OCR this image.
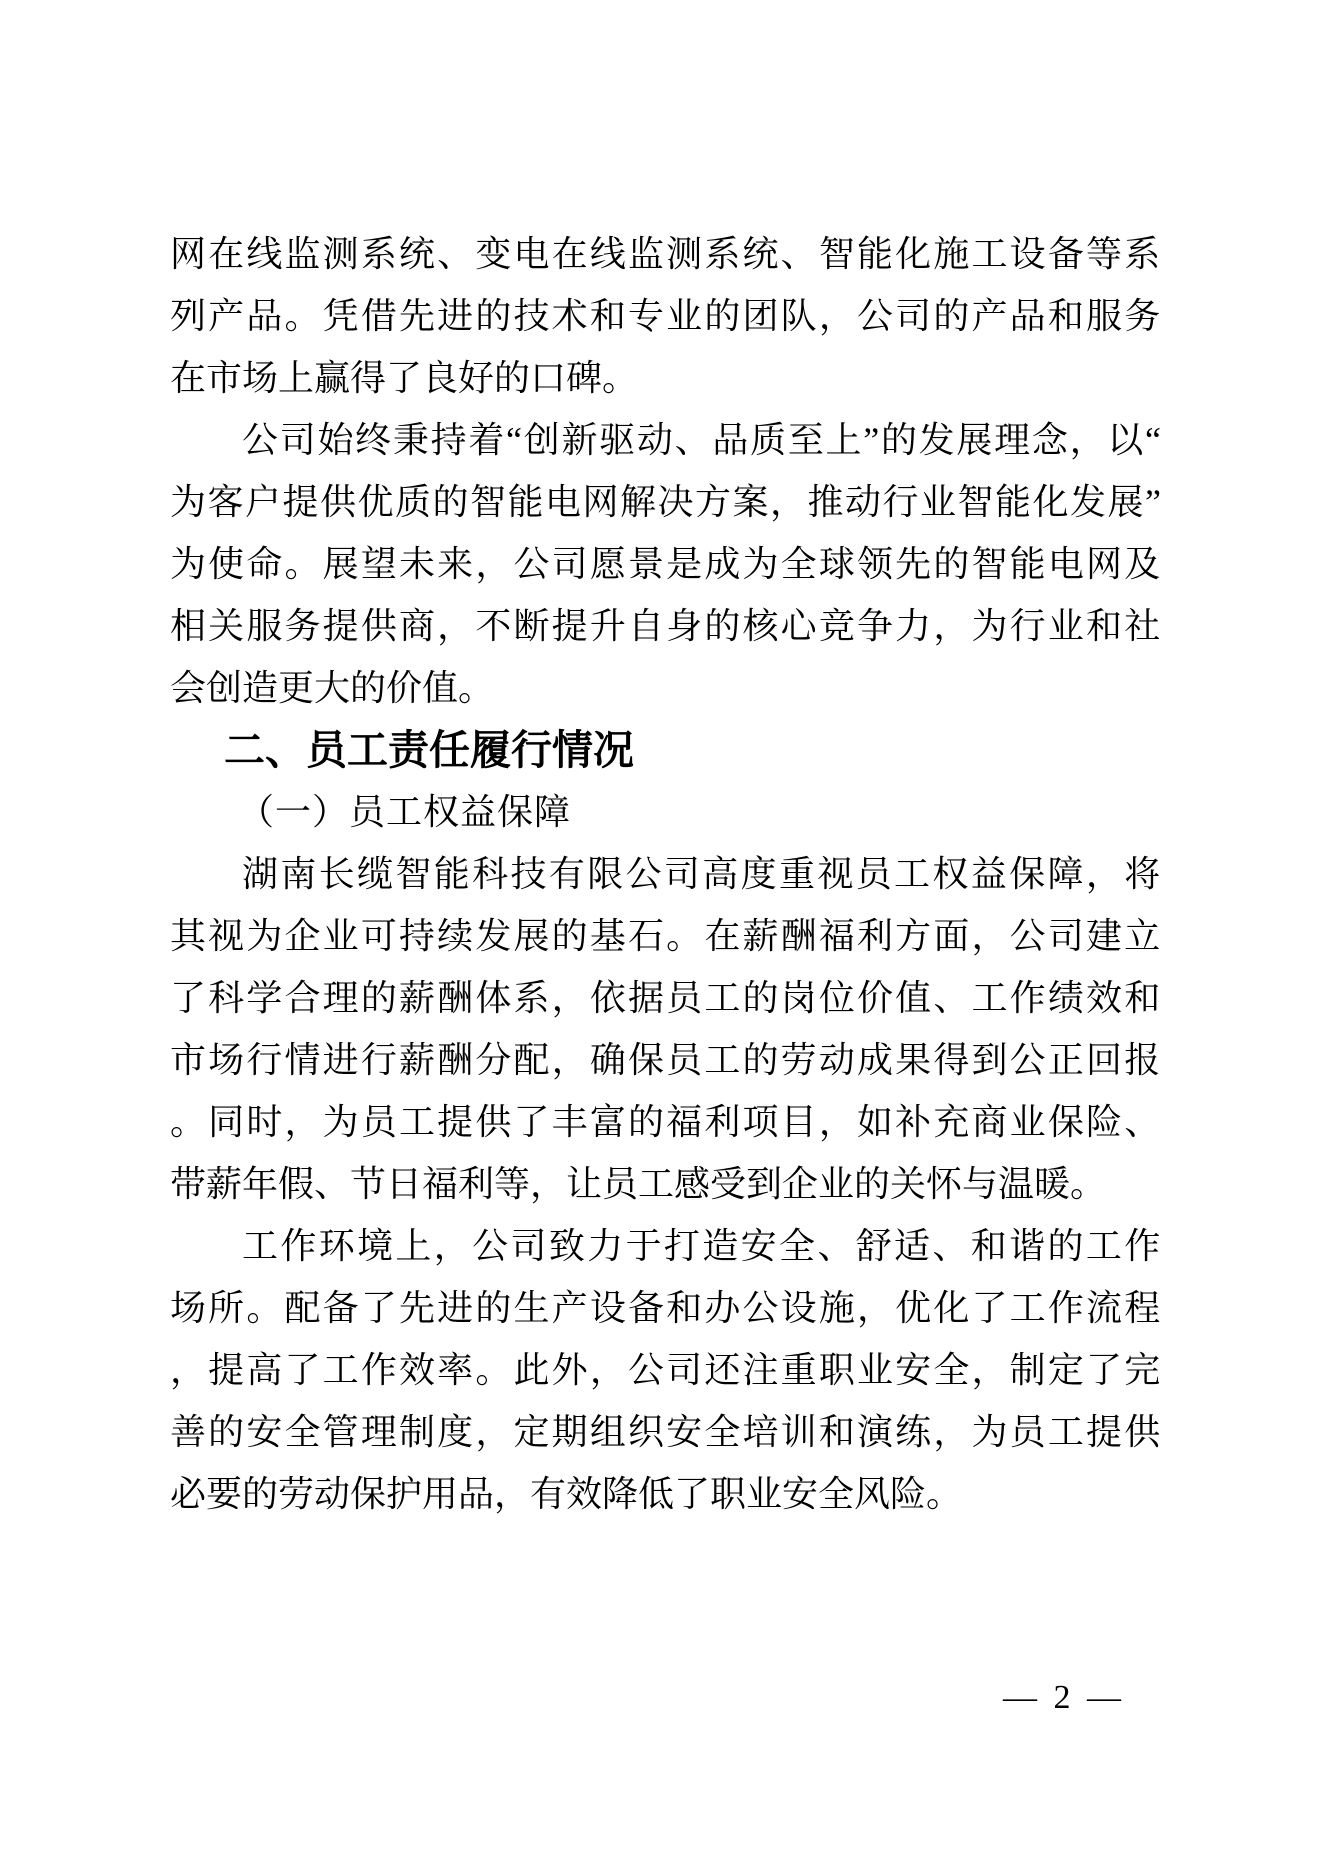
网在线监测系统、变电在线监测系统、智能化施工设备等系

列产品。凭借先进的技术和专业的团队，公司的产品和服务

在市场上赢得了良好的口碑。

公司始终秉持着“创新驱动、品质至上”的发展理念，以“

为客户提供优质的智能电网解决方案，推动行业智能化发展”

为使命。展望未来，公司愿景是成为全球领先的智能电网及

相关服务提供商，不断提升自身的核心竞争力，为行业和社

会创造更大的价值。

二、员工责任履行情况
（一）员工权益保障

湖南长缆智能科技有限公司高度重视员工权益保障，将

其视为企业可持续发展的基石。在薪酬福利方面，公司建立

了科学合理的薪酬体系，依据员工的岗位价值、工作绩效和

市场行情进行薪酬分配，确保员工的劳动成果得到公正回报

。同时，为员工提供了丰富的福利项目，如补充商业保险、

带薪年假、节日福利等，让员工感受到企业的关怀与温暖。

工作环境上，公司致力于打造安全、舒适、和谐的工作

场所。配备了先进的生产设备和办公设施，优化了工作流程

，提高了工作效率。此外，公司还注重职业安全，制定了完

善的安全管理制度，定期组织安全培训和演练，为员工提供

必要的劳动保护用品，有效降低了职业安全风险。

— 2 —
